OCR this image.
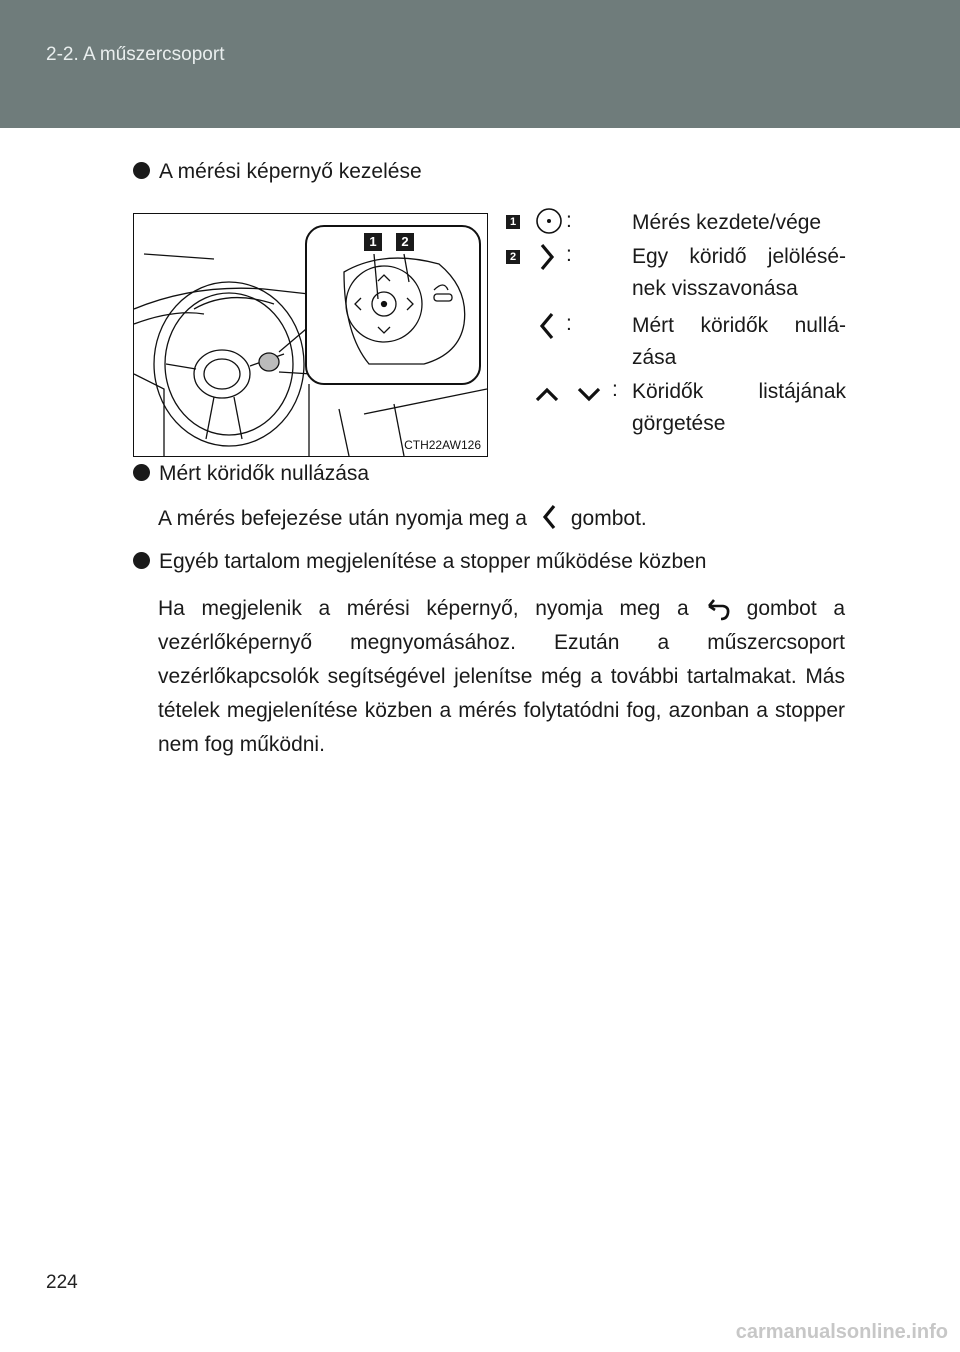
2-2. A műszercsoport
A mérési képernyő kezelése
1	2
CTH22AW126
1 :	Mérés kezdete/vége
2 :	Egy köridő jelölésé-
nek visszavonása
:	Mért köridők nullá-
zása
: Köridők listájának
görgetése
Mért köridők nullázása
A mérés befejezése után nyomja meg a gombot.
Egyéb tartalom megjelenítése a stopper működése közben
Ha megjelenik a mérési képernyő, nyomja meg a	gombot a vezérlőképernyő megnyomásához. Ezután a műszercsoport vezérlőkapcsolók segítségével jelenítse még a további tartalmakat. Más tételek megjelenítése közben a mérés folytatódni fog, azonban a stopper nem fog működni.
224
carmanualsonline.info
